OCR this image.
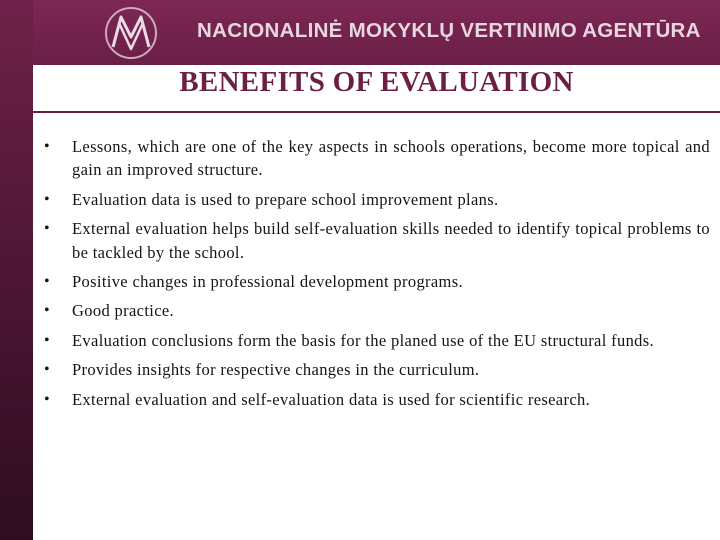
NACIONALINĖ MOKYKLŲ VERTINIMO AGENTŪRA
BENEFITS OF EVALUATION
• Lessons, which are one of the key aspects in schools operations, become more topical and gain an improved structure.
• Evaluation data is used to prepare school improvement plans.
• External evaluation helps build self-evaluation skills needed to identify topical problems to be tackled by the school.
• Positive changes in professional development programs.
• Good practice.
• Evaluation conclusions form the basis for the planed use of the EU structural funds.
• Provides insights for respective changes in the curriculum.
• External evaluation and self-evaluation data is used for scientific research.
